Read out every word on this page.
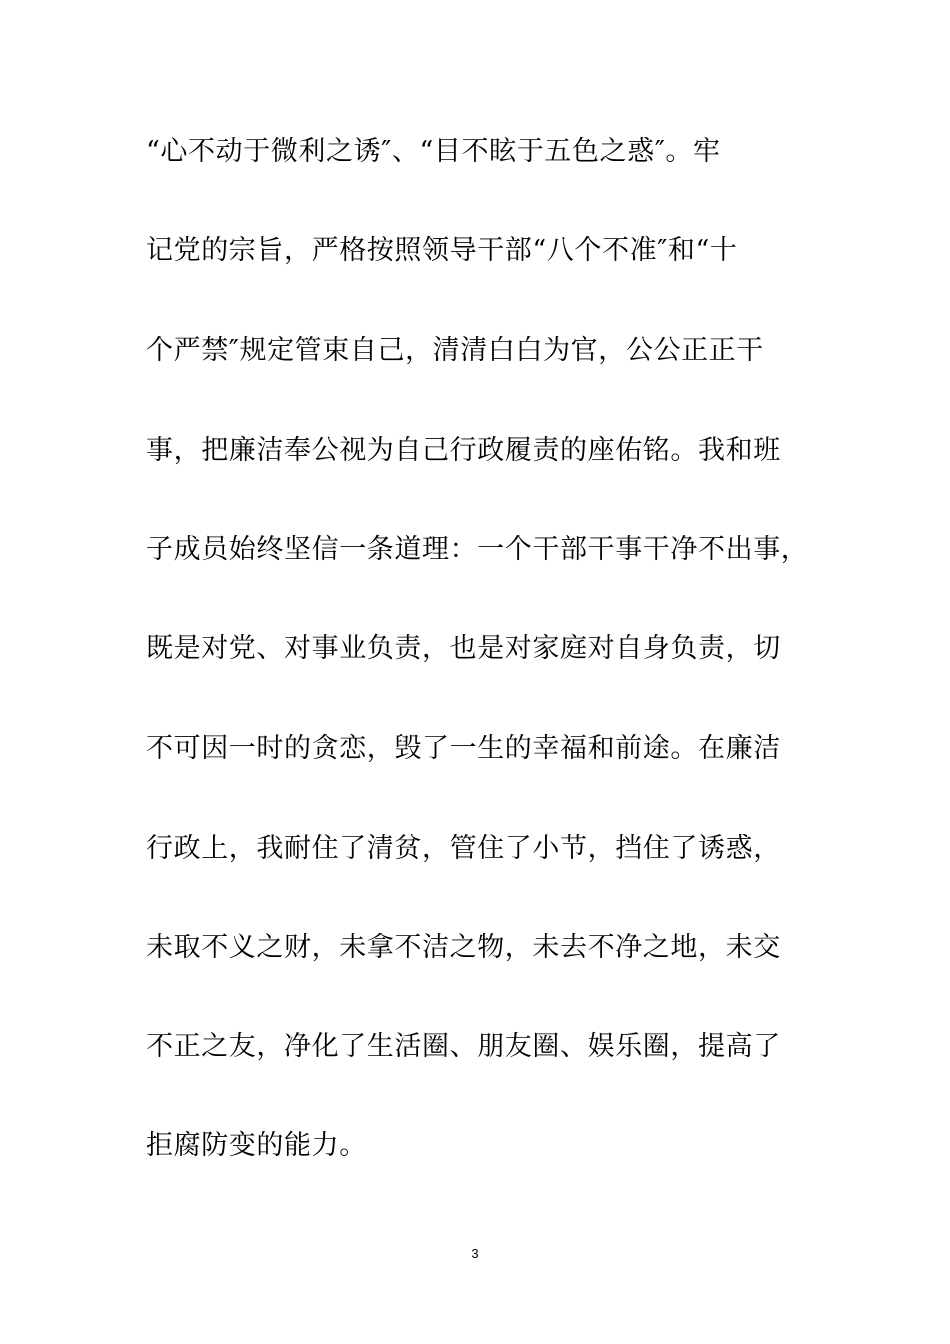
“心不动于微利之诱″、“目不眩于五色之惑″。牢
记党的宗旨，严格按照领导干部“八个不准″和“十
个严禁″规定管束自己，清清白白为官，公公正正干
事，把廉洁奉公视为自己行政履责的座佑铭。我和班
子成员始终坚信一条道理：一个干部干事干净不出事，
既是对党、对事业负责，也是对家庭对自身负责，切
不可因一时的贪恋，毁了一生的幸福和前途。在廉洁
行政上，我耐住了清贫，管住了小节，挡住了诱惑，
未取不义之财，未拿不洁之物，未去不净之地，未交
不正之友，净化了生活圈、朋友圈、娱乐圈，提高了
拒腐防变的能力。
3
